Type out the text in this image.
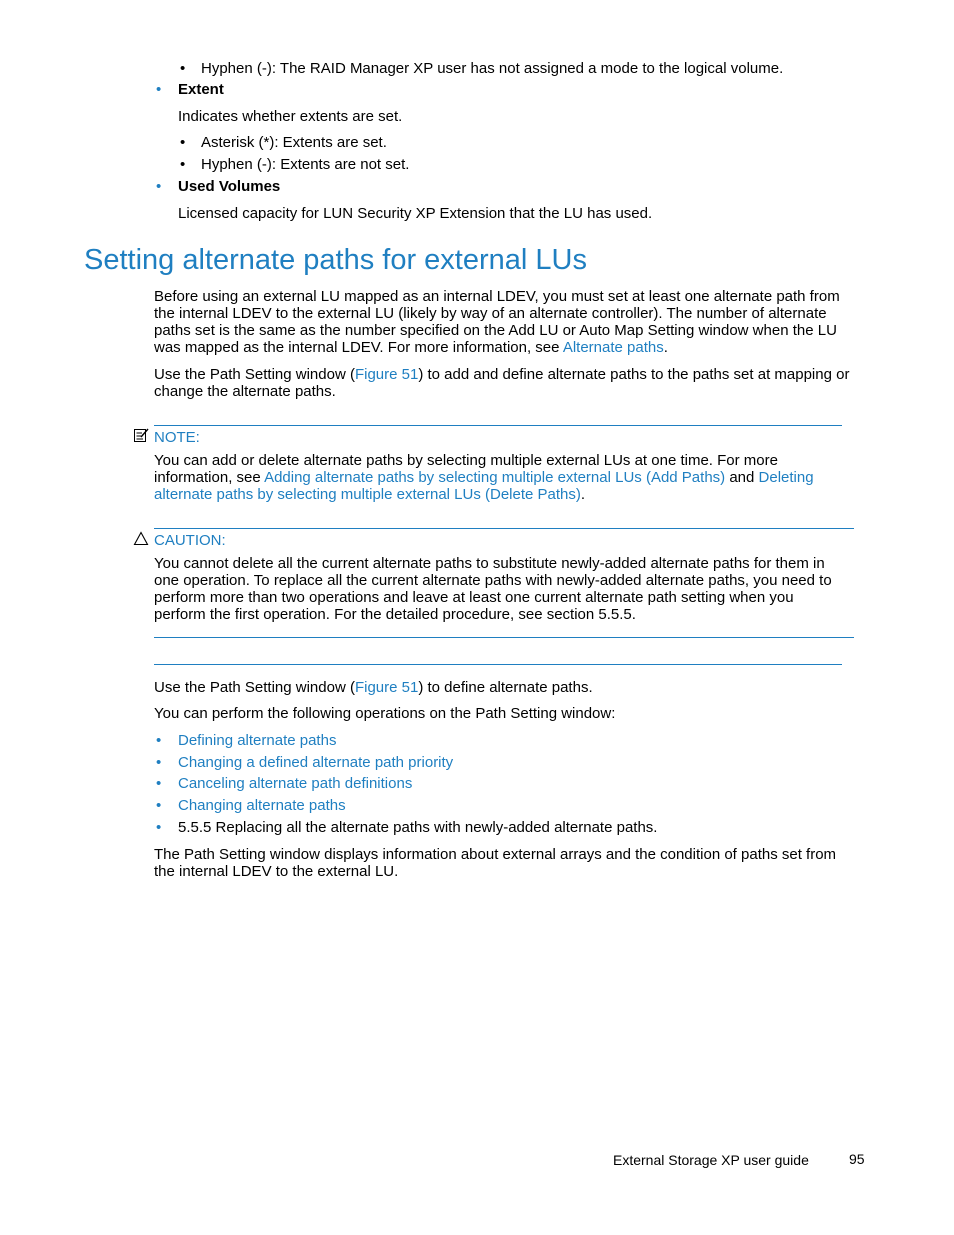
• Hyphen (-): The RAID Manager XP user has not assigned a mode to the logical volume.
• Extent
Indicates whether extents are set.
• Asterisk (*): Extents are set.
• Hyphen (-): Extents are not set.
• Used Volumes
Licensed capacity for LUN Security XP Extension that the LU has used.
Setting alternate paths for external LUs
Before using an external LU mapped as an internal LDEV, you must set at least one alternate path from the internal LDEV to the external LU (likely by way of an alternate controller). The number of alternate paths set is the same as the number specified on the Add LU or Auto Map Setting window when the LU was mapped as the internal LDEV. For more information, see Alternate paths.
Use the Path Setting window (Figure 51) to add and define alternate paths to the paths set at mapping or change the alternate paths.
NOTE:
You can add or delete alternate paths by selecting multiple external LUs at one time. For more information, see Adding alternate paths by selecting multiple external LUs (Add Paths) and Deleting alternate paths by selecting multiple external LUs (Delete Paths).
CAUTION:
You cannot delete all the current alternate paths to substitute newly-added alternate paths for them in one operation. To replace all the current alternate paths with newly-added alternate paths, you need to perform more than two operations and leave at least one current alternate path setting when you perform the first operation. For the detailed procedure, see section 5.5.5.
Use the Path Setting window (Figure 51) to define alternate paths.
You can perform the following operations on the Path Setting window:
• Defining alternate paths
• Changing a defined alternate path priority
• Canceling alternate path definitions
• Changing alternate paths
• 5.5.5 Replacing all the alternate paths with newly-added alternate paths.
The Path Setting window displays information about external arrays and the condition of paths set from the internal LDEV to the external LU.
External Storage XP user guide	95
